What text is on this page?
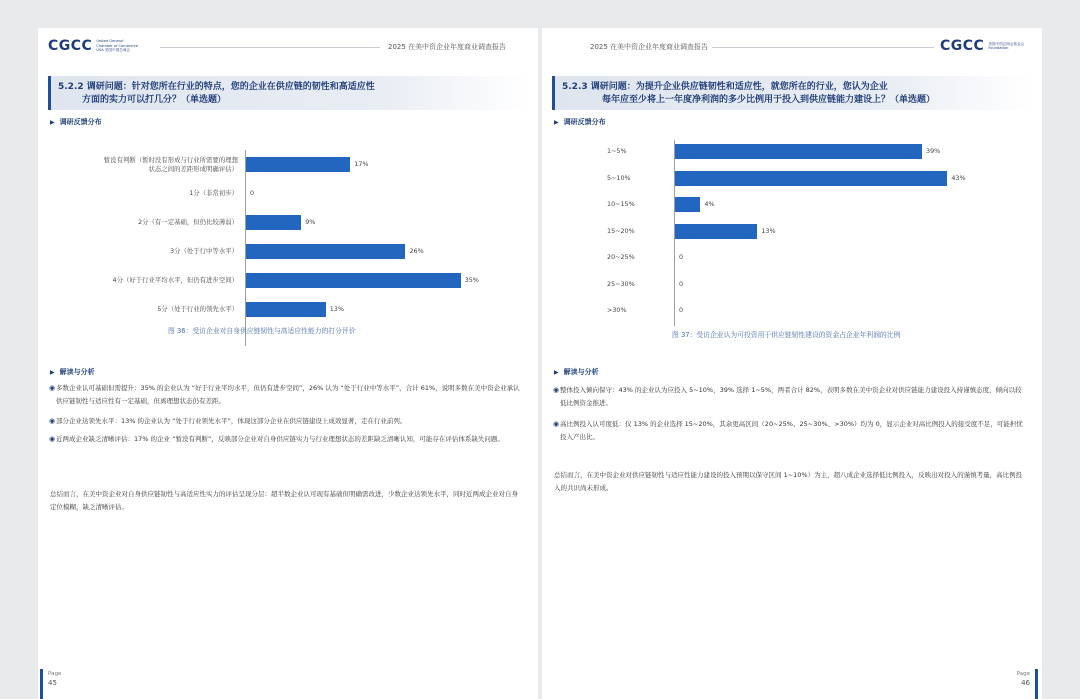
CGCC United General Chamber of Commerce USA 美国中国总商会	2025 在美中资企业年度商业调查报告
5.2.2 调研问题：针对您所在行业的特点，您的企业在供应链的韧性和高适应性
方面的实力可以打几分？（单选题）
▶ 调研反馈分布
17%
暂没有判断（暂时没有形成与行业所需要的理想
状态之间的差距形成明确评估）
0
1分（非常初步）
9%
2分（有一定基础，但仍比较薄弱）
26%
3分（处于行中等水平）
35%
4分（好于行业平均水平，但仍有进步空间）
13%
5分（处于行业的领先水平）
图 36：受访企业对自身供应链韧性与高适应性能力的打分评价
▶ 解读与分析
◉ 多数企业认可基础但需提升：35% 的企业认为 “好于行业平均水平，但仍有进步空间”，26% 认为 “处于行业中等水平”，合计 61%，说明多数在美中资企业承认供应链韧性与适应性有一定基础，但离理想状态仍有差距。
◉ 部分企业达领先水平：13% 的企业认为 “处于行业领先水平”，体现这部分企业在供应链建设上成效显著，走在行业前列。
◉ 近两成企业缺乏清晰评估：17% 的企业 “暂没有判断”，反映部分企业对自身供应链实力与行业理想状态的差距缺乏清晰认知，可能存在评估体系缺失问题。
总结而言，在美中资企业对自身供应链韧性与高适应性实力的评估呈现分层：超半数企业认可现有基础但明确需改进，少数企业达领先水平，同时近两成企业对自身定位模糊，缺乏清晰评估。
Page
45
2025 在美中资企业年度商业调查报告	CGCC 美国中国总商会基金会 Foundation
5.2.3 调研问题：为提升企业供应链韧性和适应性，就您所在的行业，您认为企业
每年应至少将上一年度净利润的多少比例用于投入到供应链能力建设上？（单选题）
▶ 调研反馈分布
39%
1~5%
43%
5~10%
4%
10~15%
13%
15~20%
0
20~25%
0
25~30%
0
>30%
图 37：受访企业认为可投资用于供应链韧性建设的资金占企业年利润的比例
▶ 解读与分析
◉ 整体投入倾向保守：43% 的企业认为应投入 5~10%，39% 选择 1~5%，两者合计 82%，表明多数在美中资企业对供应链能力建设投入持谨慎态度，倾向以较低比例资金推进。
◉ 高比例投入认可度低：仅 13% 的企业选择 15~20%，其余更高区间（20~25%、25~30%、>30%）均为 0，显示企业对高比例投入的接受度不足，可能担忧投入产出比。
总结而言，在美中资企业对供应链韧性与适应性能力建设的投入预期以保守区间 1~10%）为主，超八成企业选择低比例投入，反映出对投入的谨慎考量，高比例投入的共识尚未形成。
Page
46
